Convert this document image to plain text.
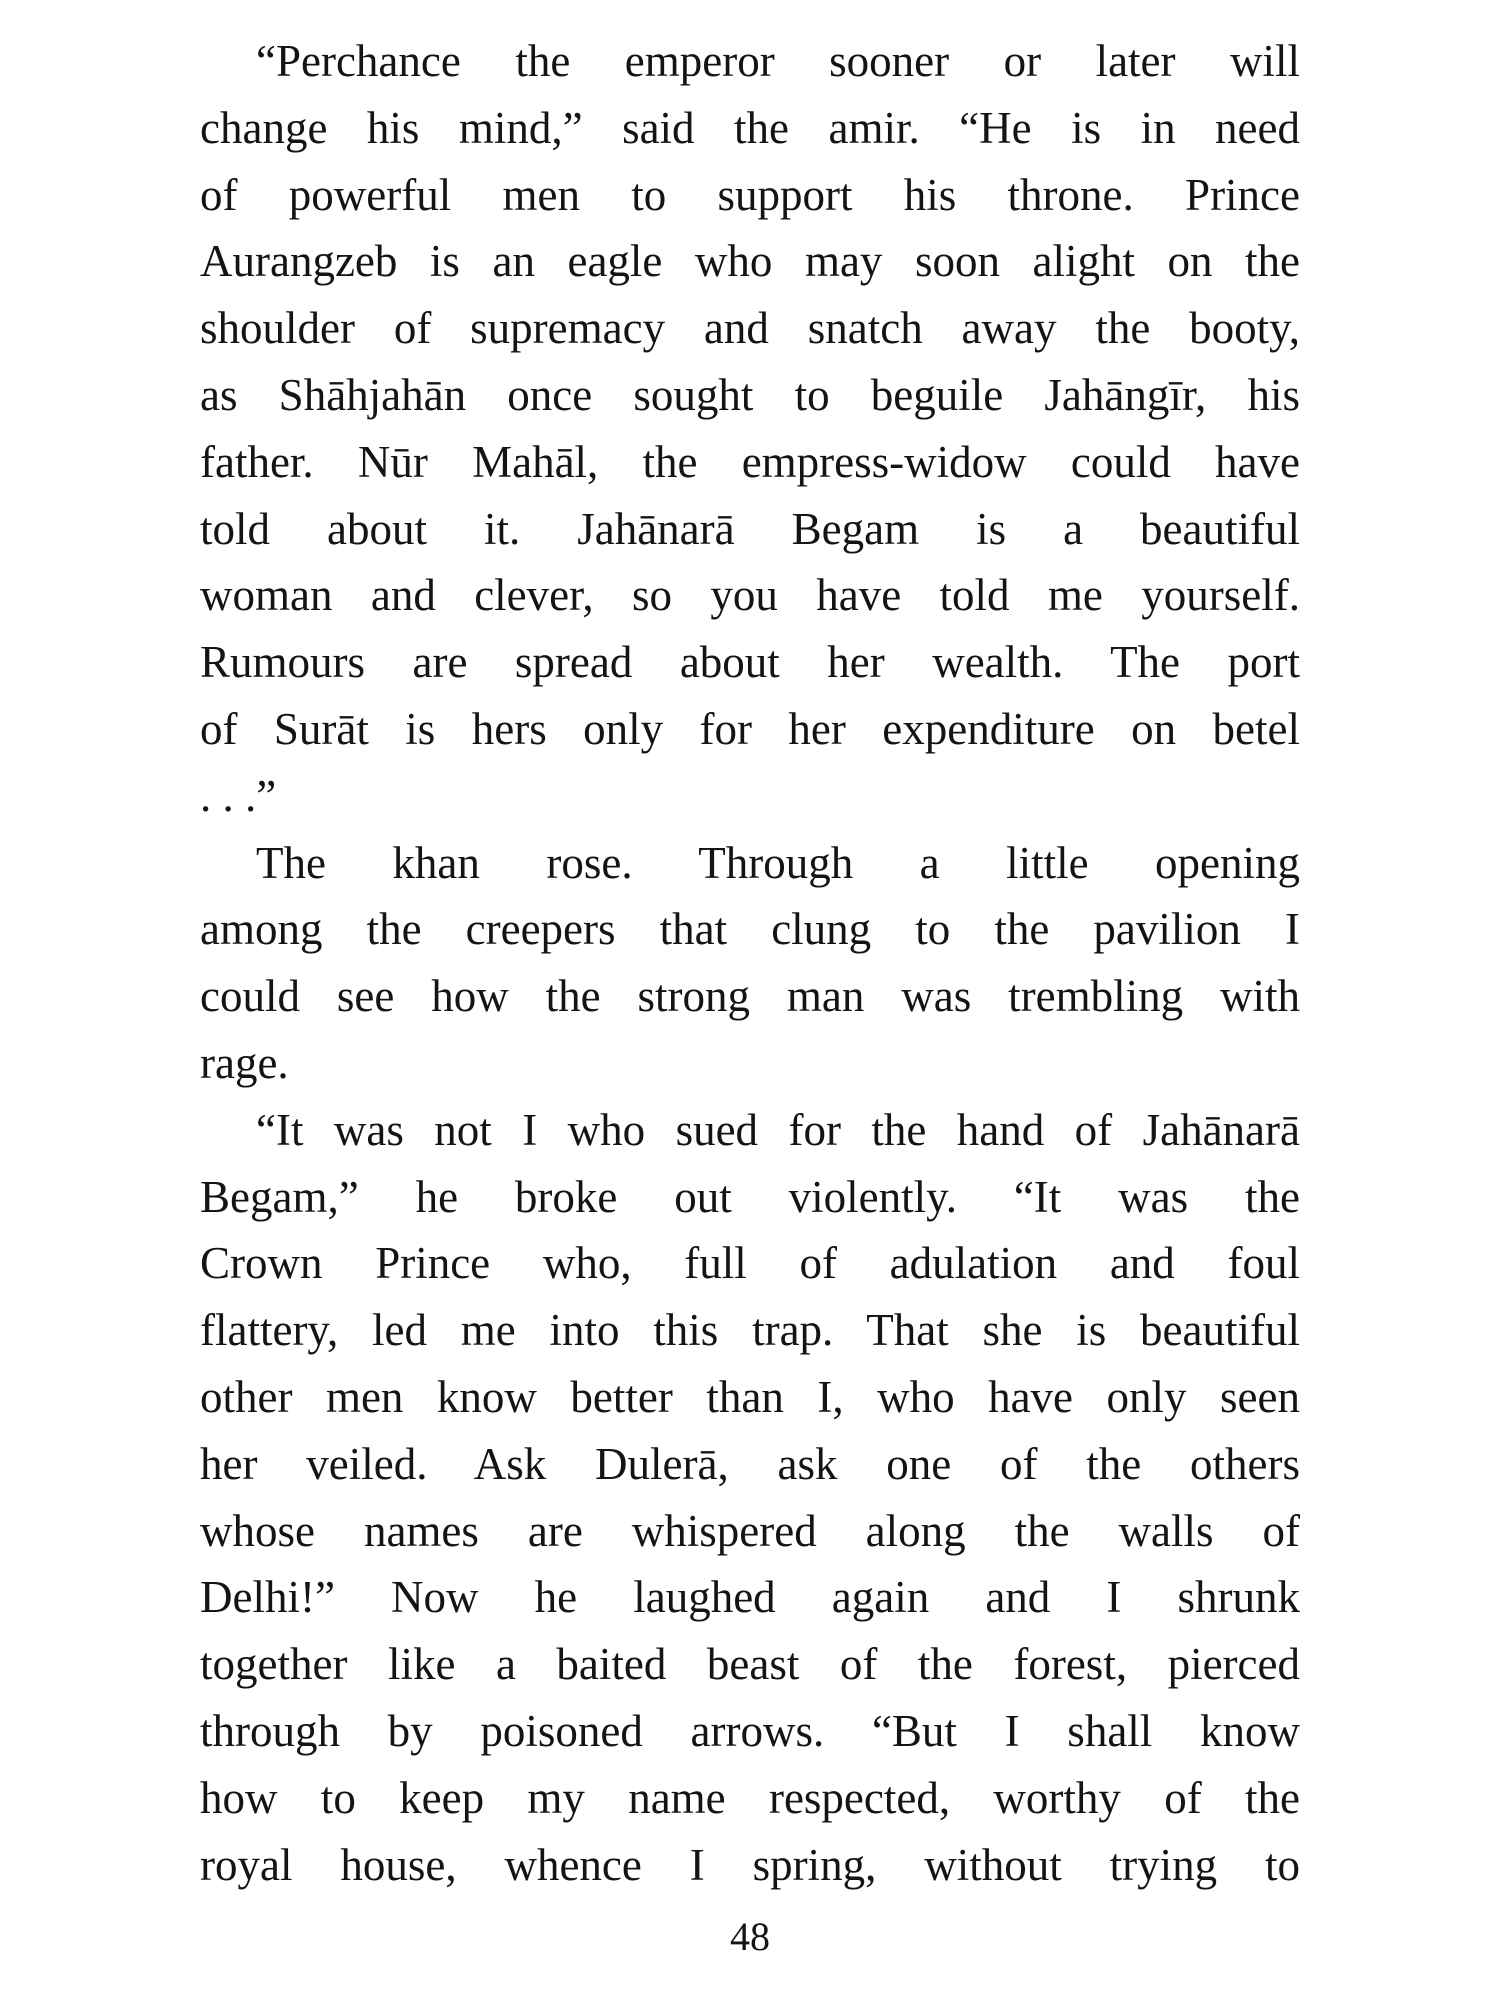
“Perchance the emperor sooner or later will
change his mind,” said the amir. “He is in need
of powerful men to support his throne. Prince
Aurangzeb is an eagle who may soon alight on the
shoulder of supremacy and snatch away the booty,
as Shāhjahān once sought to beguile Jahāngīr, his
father. Nūr Mahāl, the empress-widow could have
told about it. Jahānarā Begam is a beautiful
woman and clever, so you have told me yourself.
Rumours are spread about her wealth. The port
of Surāt is hers only for her expenditure on betel
. . .”
The khan rose. Through a little opening
among the creepers that clung to the pavilion I
could see how the strong man was trembling with
rage.
“It was not I who sued for the hand of Jahānarā
Begam,” he broke out violently. “It was the
Crown Prince who, full of adulation and foul
flattery, led me into this trap. That she is beautiful
other men know better than I, who have only seen
her veiled. Ask Dulerā, ask one of the others
whose names are whispered along the walls of
Delhi!” Now he laughed again and I shrunk
together like a baited beast of the forest, pierced
through by poisoned arrows. “But I shall know
how to keep my name respected, worthy of the
royal house, whence I spring, without trying to
48
